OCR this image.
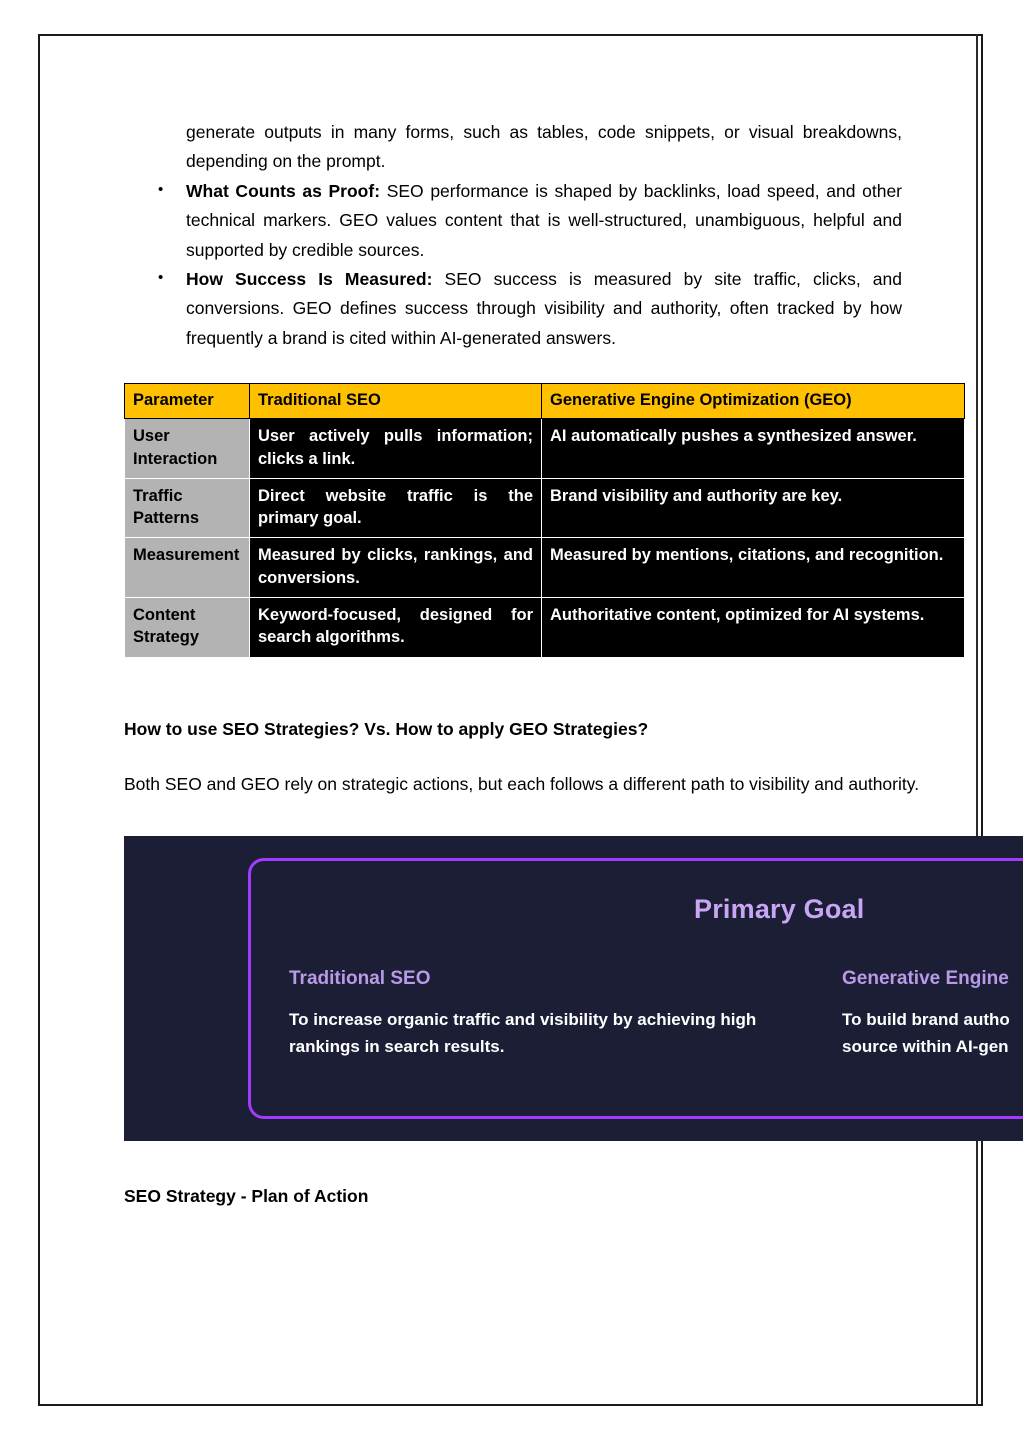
generate outputs in many forms, such as tables, code snippets, or visual breakdowns, depending on the prompt.

• What Counts as Proof: SEO performance is shaped by backlinks, load speed, and other technical markers. GEO values content that is well-structured, unambiguous, helpful and supported by credible sources.
• How Success Is Measured: SEO success is measured by site traffic, clicks, and conversions. GEO defines success through visibility and authority, often tracked by how frequently a brand is cited within AI-generated answers.
Parameter	Traditional SEO	Generative Engine Optimization (GEO)
User Interaction	User actively pulls information; clicks a link.	AI automatically pushes a synthesized answer.
Traffic Patterns	Direct website traffic is the primary goal.	Brand visibility and authority are key.
Measurement	Measured by clicks, rankings, and conversions.	Measured by mentions, citations, and recognition.
Content Strategy	Keyword-focused, designed for search algorithms.	Authoritative content, optimized for AI systems.
How to use SEO Strategies? Vs. How to apply GEO Strategies?

Both SEO and GEO rely on strategic actions, but each follows a different path to visibility and authority.

Primary Goal
Traditional SEO
To increase organic traffic and visibility by achieving high rankings in search results.
Generative Engine
To build brand autho
source within AI-gen
SEO Strategy - Plan of Action
